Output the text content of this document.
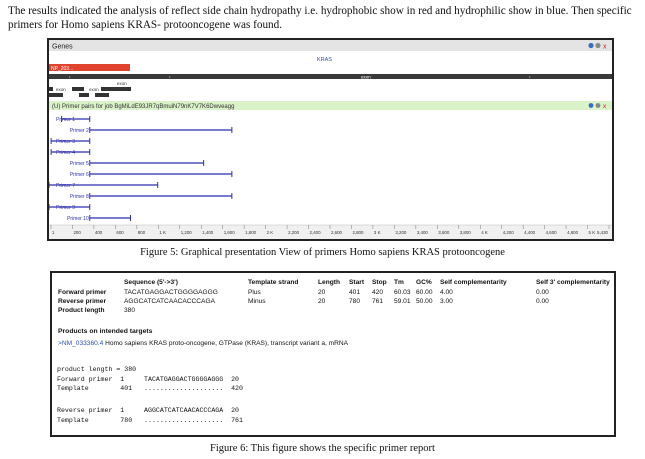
The results indicated the analysis of reflect side chain hydropathy i.e. hydrophobic show in red and hydrophilic show in blue. Then specific primers for Homo sapiens KRAS- protooncogene was found.

Genes	x
KRAS
NP_203...
›	›	exon	›
exon
exon	exon
(U) Primer pairs for job BgMiLdE93JR7qBmuiN79nK7V7K6Dwveagg	x
Primer 1
Primer 2
Primer 3
Primer 4
Primer 5
Primer 6
Primer 7
Primer 8
Primer 9
Primer 10
1	200	400	600	800	1 K	1,200 1,400 1,600 1,800 2 K	2,200 2,400 2,600 2,800 3 K	3,200 3,400 3,600 3,800 4 K	4,200 4,400 4,600 4,800 5 K 5,430

Figure 5: Graphical presentation View of primers Homo sapiens KRAS protooncogene

Sequence (5'->3')	Template strand	Length Start Stop Tm GC% Self complementarity	Self 3' complementarity
Forward primer	TACATGAGGACTGGGGAGGG	Plus	20	401 420 60.03 60.00 4.00	0.00
Reverse primer	AGGCATCATCAACACCCAGA	Minus	20	780 761 59.01 50.00 3.00	0.00
Product length	380
Products on intended targets
>NM_033360.4 Homo sapiens KRAS proto-oncogene, GTPase (KRAS), transcript variant a, mRNA
product length = 380
Forward primer  1     TACATGAGGACTGGGGAGGG  20
Template        401   ....................  420
Reverse primer  1     AGGCATCATCAACACCCAGA  20
Template        780   ....................  761

Figure 6: This figure shows the specific primer report
